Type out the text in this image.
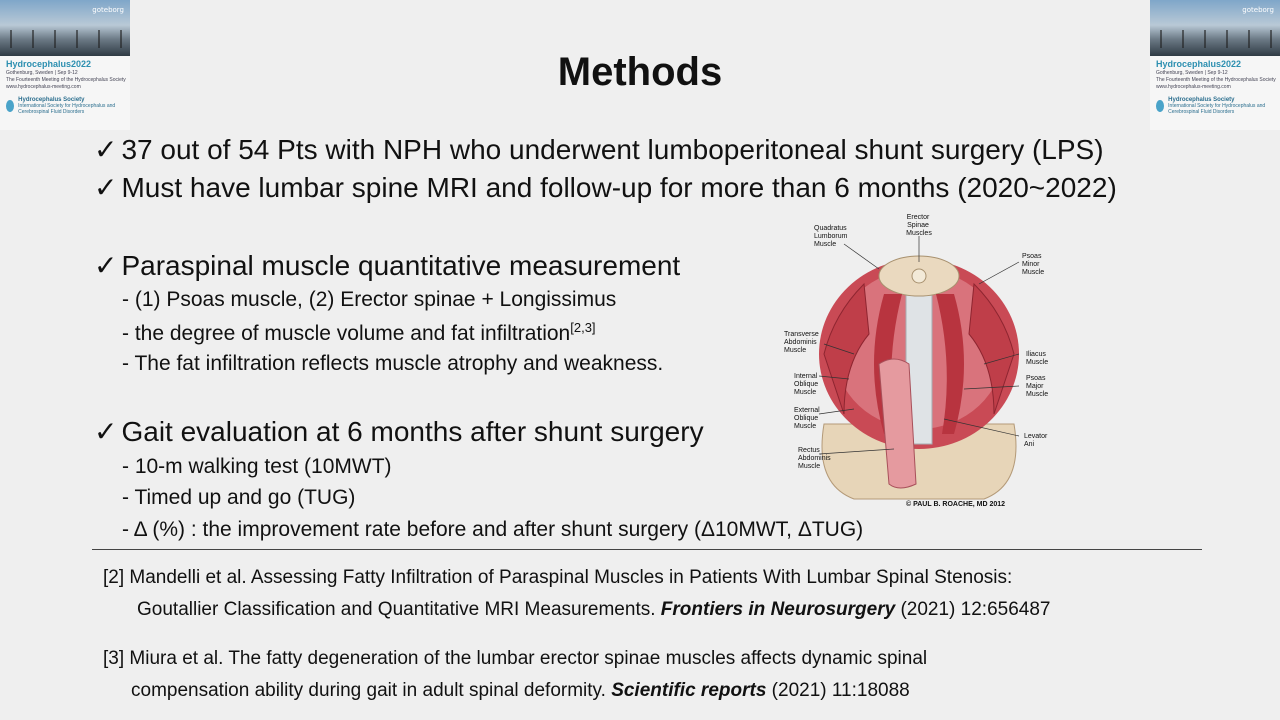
goteborg
Hydrocephalus2022
Gothenburg, Sweden | Sep 9-12
The Fourteenth Meeting of the Hydrocephalus Society
www.hydrocephalus-meeting.com
Hydrocephalus Society
International Society for Hydrocephalus and Cerebrospinal Fluid Disorders
goteborg
Hydrocephalus2022
Gothenburg, Sweden | Sep 9-12
The Fourteenth Meeting of the Hydrocephalus Society
www.hydrocephalus-meeting.com
Hydrocephalus Society
International Society for Hydrocephalus and Cerebrospinal Fluid Disorders
Methods
✓ 37 out of 54 Pts with NPH who underwent lumboperitoneal shunt surgery (LPS)
✓ Must have lumbar spine MRI and follow-up for more than 6 months (2020~2022)
✓ Paraspinal muscle quantitative measurement
- (1) Psoas muscle, (2) Erector spinae + Longissimus
- the degree of muscle volume and fat infiltration[2,3]
- The fat infiltration reflects muscle atrophy and weakness.
✓ Gait evaluation at 6 months after shunt surgery
- 10-m walking test (10MWT)
- Timed up and go (TUG)
- Δ (%) : the improvement rate before and after shunt surgery (Δ10MWT, ΔTUG)
Erector Spinae Muscles
Quadratus Lumborum Muscle
Psoas Minor Muscle
Transverse Abdominis Muscle
Iliacus Muscle
Internal Oblique Muscle
Psoas Major Muscle
External Oblique Muscle
Levator Ani
Rectus Abdominis Muscle
© PAUL B. ROACHE, MD 2012
[2] Mandelli et al. Assessing Fatty Infiltration of Paraspinal Muscles in Patients With Lumbar Spinal Stenosis:
Goutallier Classification and Quantitative MRI Measurements. Frontiers in Neurosurgery (2021) 12:656487
[3] Miura et al. The fatty degeneration of the lumbar erector spinae muscles affects dynamic spinal
compensation ability during gait in adult spinal deformity. Scientific reports (2021) 11:18088
